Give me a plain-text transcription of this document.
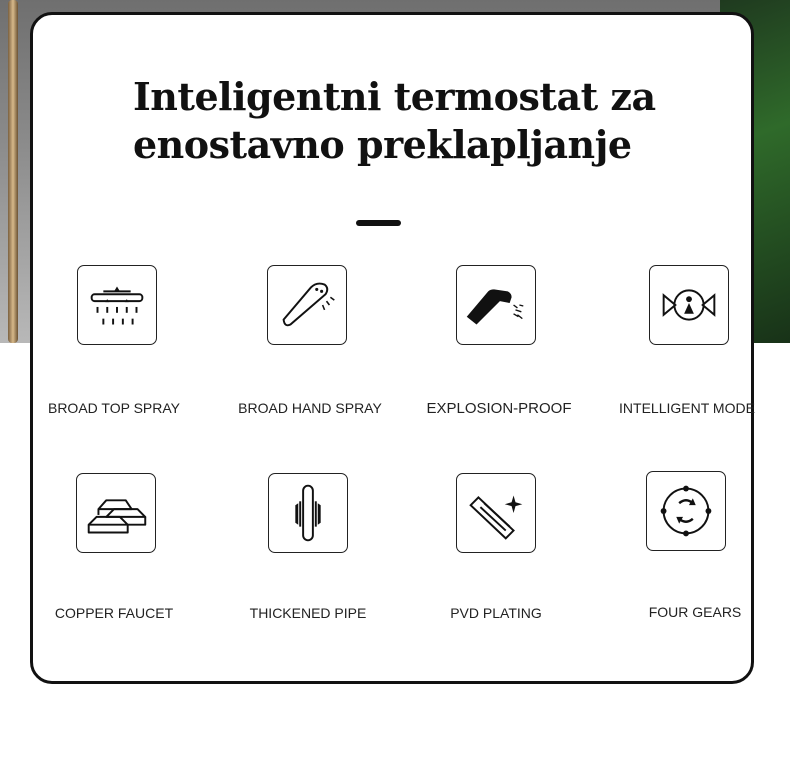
Inteligentni termostat za
enostavno preklapljanje
BROAD TOP SPRAY	BROAD HAND SPRAY	EXPLOSION-PROOF	INTELLIGENT MODE
COPPER FAUCET	THICKENED PIPE	PVD PLATING	FOUR GEARS
